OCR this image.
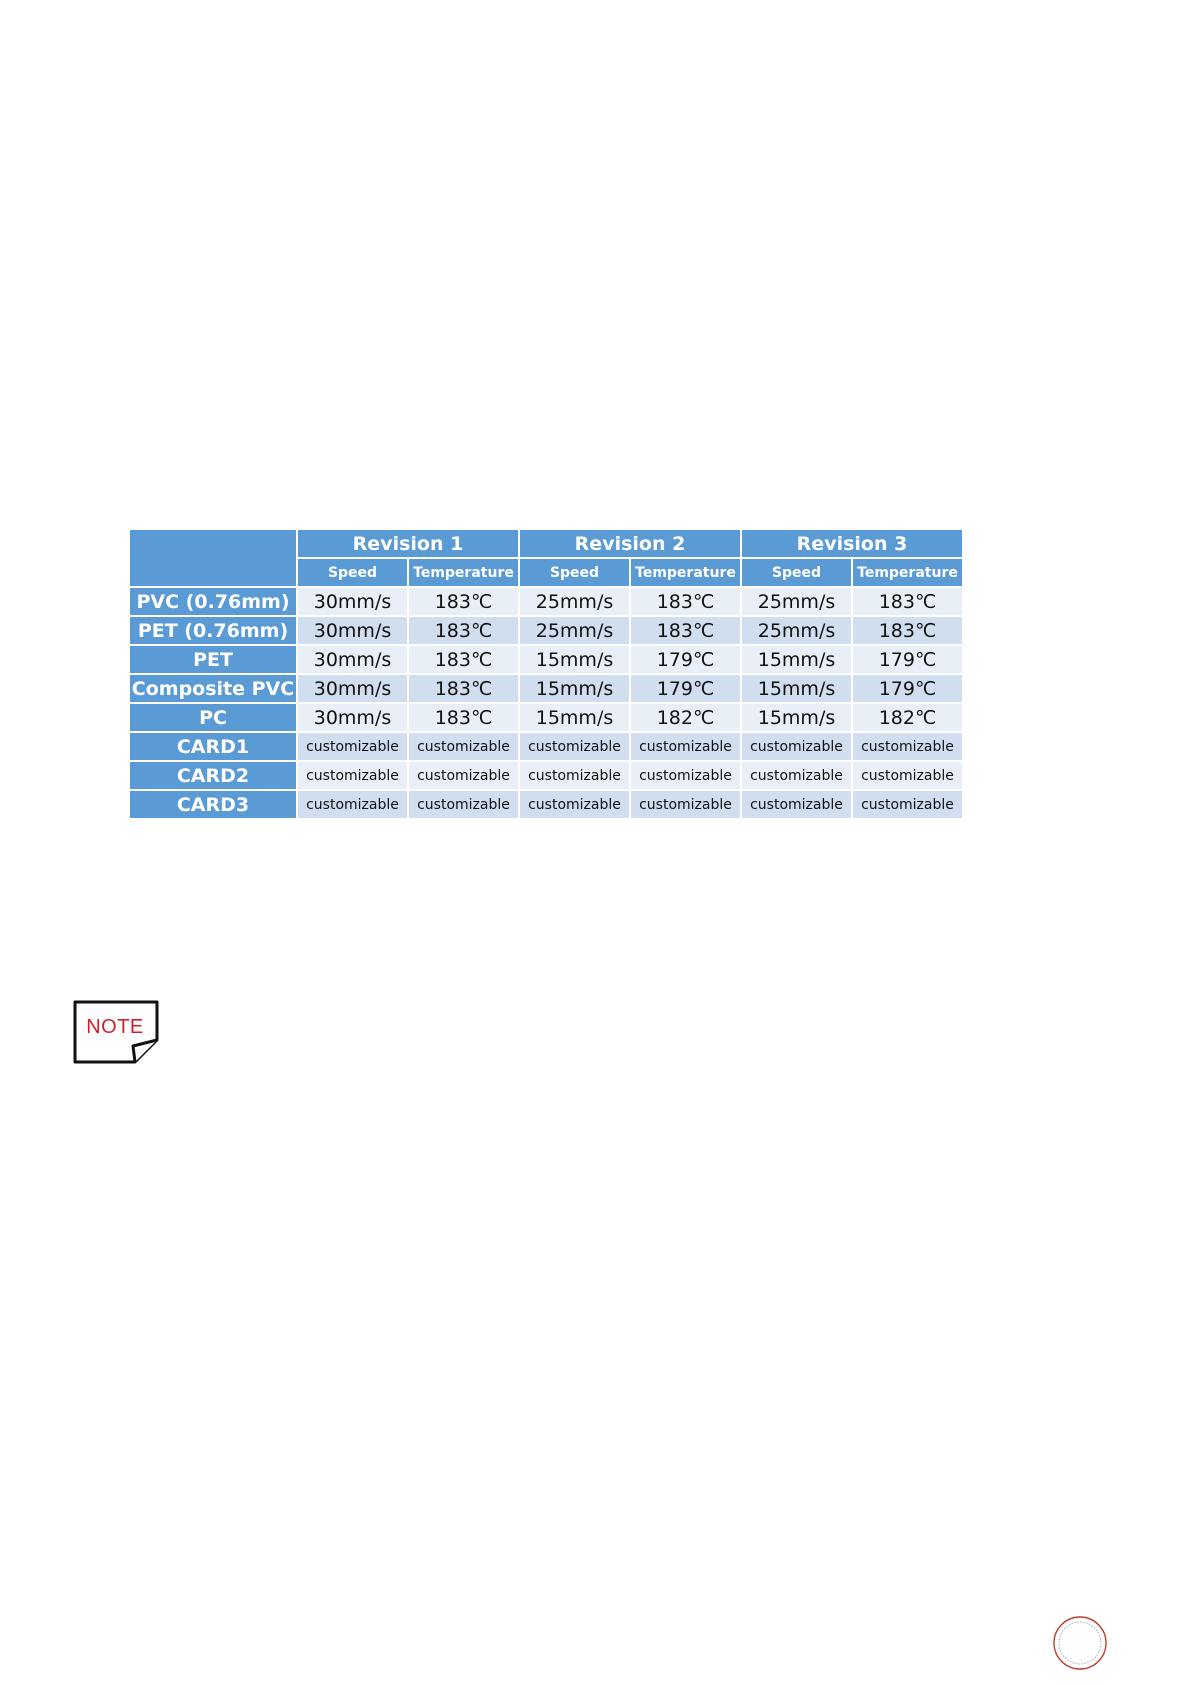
	Revision 1		Revision 2		Revision 3	
	Speed	Temperature	Speed	Temperature	Speed	Temperature
PVC (0.76mm)	30mm/s	183℃	25mm/s	183℃	25mm/s	183℃
PET (0.76mm)	30mm/s	183℃	25mm/s	183℃	25mm/s	183℃
PET	30mm/s	183℃	15mm/s	179℃	15mm/s	179℃
Composite PVC	30mm/s	183℃	15mm/s	179℃	15mm/s	179℃
PC	30mm/s	183℃	15mm/s	182℃	15mm/s	182℃
CARD1	customizable	customizable	customizable	customizable	customizable	customizable
CARD2	customizable	customizable	customizable	customizable	customizable	customizable
CARD3	customizable	customizable	customizable	customizable	customizable	customizable
NOTE
